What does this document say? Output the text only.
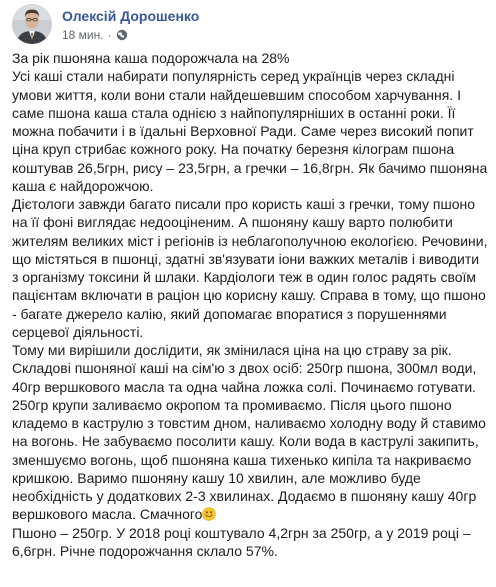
Олексій Дорошенко
18 мин. ·

За рік пшонянa каша подорожчала на 28%
Усі каші стали набирати популярність серед українців через складні
умови життя, коли вони стали найдешевшим способом харчування. І
саме пшона каша стала однією з найпопулярніших в останні роки. Її
можна побачити і в їдальні Верховної Ради. Саме через високий попит
ціна круп стрибає кожного року. На початку березня кілограм пшона
коштував 26,5грн, рису – 23,5грн, а гречки – 16,8грн. Як бачимо пшоняна
каша є найдорожчою.

Дієтологи завжди багато писали про користь каші з гречки, тому пшоно
на її фоні виглядає недооціненим. А пшоняну кашу варто полюбити
жителям великих міст і регіонів із неблагополучною екологією. Речовини,
що містяться в пшонці, здатні зв'язувати іони важких металів і виводити
з організму токсини й шлаки. Кардіологи теж в один голос радять своїм
пацієнтам включати в раціон цю корисну кашу. Справа в тому, що пшоно
- багате джерело калію, який допомагає впоратися з порушеннями
серцевої діяльності.

Тому ми вирішили дослідити, як змінилася ціна на цю страву за рік.
Складові пшоняної каші на сім'ю з двох осіб: 250гр пшона, 300мл води,
40гр вершкового масла та одна чайна ложка солі. Починаємо готувати.
250гр крупи заливаємо окропом та промиваємо. Після цього пшоно
кладемо в каструлю з товстим дном, наливаємо холодну воду й ставимо
на вогонь. Не забуваємо посолити кашу. Коли вода в каструлі закипить,
зменшуємо вогонь, щоб пшоняна каша тихенько кипіла та накриваємо
кришкою. Варимо пшоняну кашу 10 хвилин, але можливо буде
необхідність у додаткових 2-3 хвилинах. Додаємо в пшоняну кашу 40гр
вершкового масла. Смачного

Пшоно – 250гр. У 2018 році коштувало 4,2грн за 250гр, а у 2019 році –
6,6грн. Річне подорожчання склало 57%.
